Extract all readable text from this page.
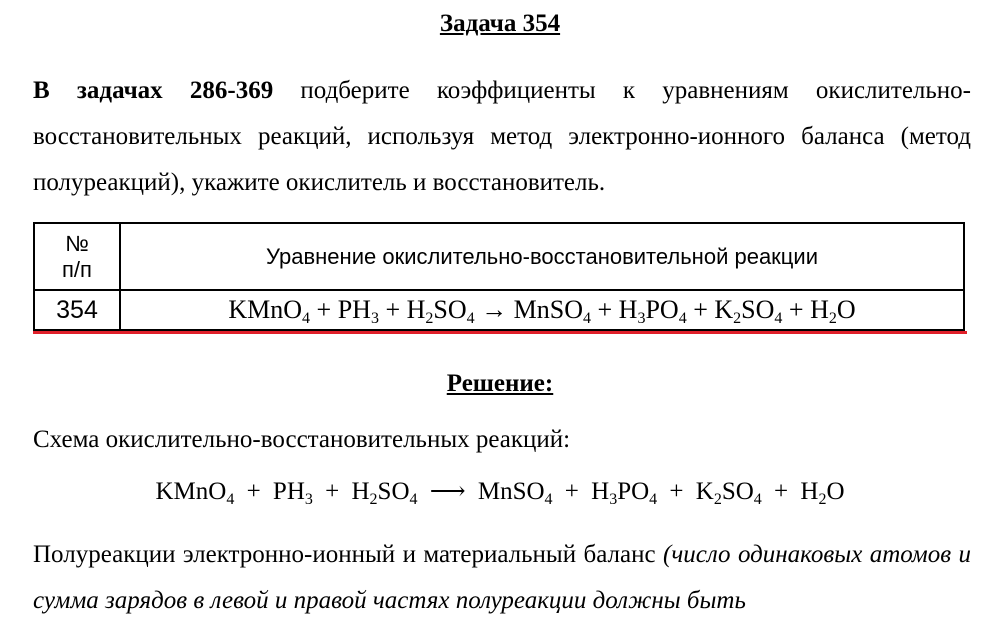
Задача 354
В задачах 286-369 подберите коэффициенты к уравнениям окислительно-восстановительных реакций, используя метод электронно-ионного баланса (метод полуреакций), укажите окислитель и восстановитель.
№
п/п	Уравнение окислительно-восстановительной реакции
354	KMnO$_4$ + $PH_3 + H_2SO_4$ → MnSO$_4$ + $H_3PO_4 + K_2SO_4 + H_2O$
Решение:
Схема окислительно-восстановительных реакций:
KMnO$_4$ + $PH_3 + H_2SO_4$ ⟶ MnSO$_4$ + $H_3PO_4 + K_2SO_4 + H_2O$
Полуреакции электронно-ионный и материальный баланс (число одинаковых атомов и сумма зарядов в левой и правой частях полуреакции должны быть
